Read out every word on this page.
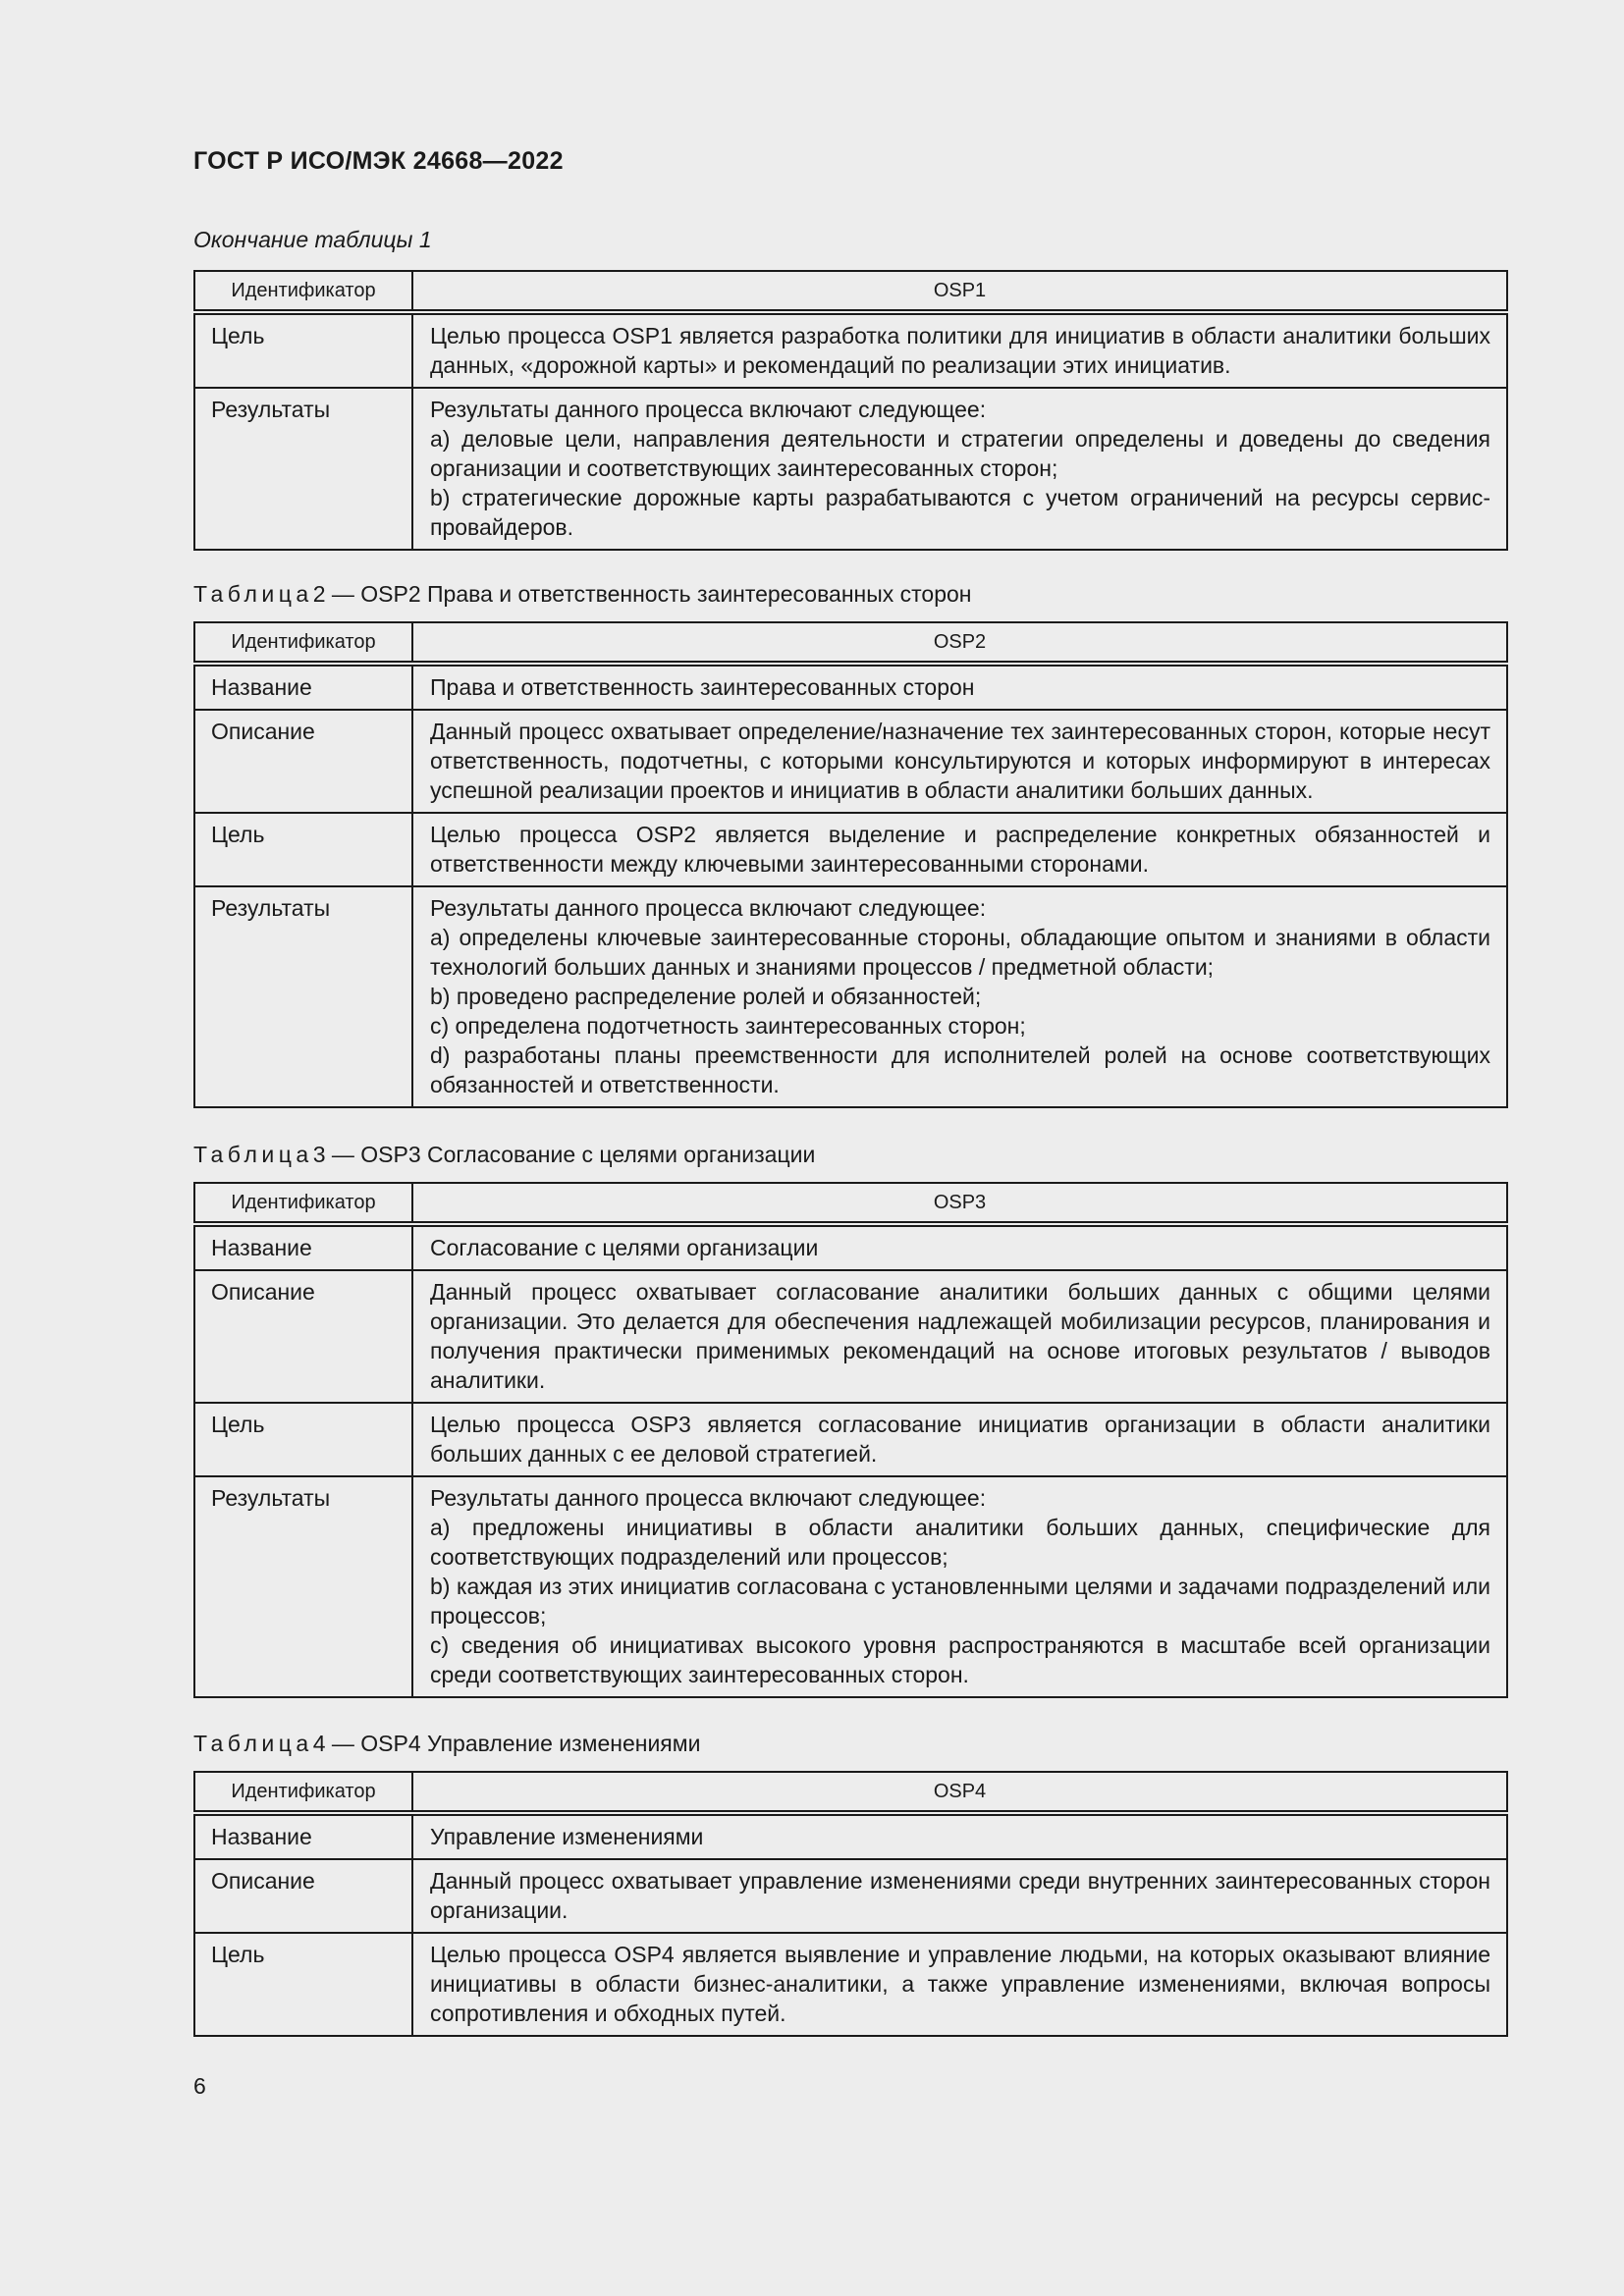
ГОСТ Р ИСО/МЭК 24668—2022
Окончание таблицы 1
Идентификатор	OSP1
Цель	Целью процесса OSP1 является разработка политики для инициатив в области аналитики больших данных, «дорожной карты» и рекомендаций по реализации этих инициатив.

Результаты	Результаты данного процесса включают следующее:
a) деловые цели, направления деятельности и стратегии определены и доведены до сведения организации и соответствующих заинтересованных сторон;
b) стратегические дорожные карты разрабатываются с учетом ограничений на ресурсы сервис-провайдеров.
Таблица2 — OSP2 Права и ответственность заинтересованных сторон
Идентификатор	OSP2
Название	Права и ответственность заинтересованных сторон

Описание	Данный процесс охватывает определение/назначение тех заинтересованных сторон, которые несут ответственность, подотчетны, с которыми консультируются и которых информируют в интересах успешной реализации проектов и инициатив в области аналитики больших данных.

Цель	Целью процесса OSP2 является выделение и распределение конкретных обязанностей и ответственности между ключевыми заинтересованными сторонами.

Результаты	Результаты данного процесса включают следующее:
a) определены ключевые заинтересованные стороны, обладающие опытом и знаниями в области технологий больших данных и знаниями процессов / предметной области;
b) проведено распределение ролей и обязанностей;
c) определена подотчетность заинтересованных сторон;
d) разработаны планы преемственности для исполнителей ролей на основе соответствующих обязанностей и ответственности.
Таблица3 — OSP3 Согласование с целями организации
Идентификатор	OSP3
Название	Согласование с целями организации

Описание	Данный процесс охватывает согласование аналитики больших данных с общими целями организации. Это делается для обеспечения надлежащей мобилизации ресурсов, планирования и получения практически применимых рекомендаций на основе итоговых результатов / выводов аналитики.

Цель	Целью процесса OSP3 является согласование инициатив организации в области аналитики больших данных с ее деловой стратегией.

Результаты	Результаты данного процесса включают следующее:
a) предложены инициативы в области аналитики больших данных, специфические для соответствующих подразделений или процессов;
b) каждая из этих инициатив согласована с установленными целями и задачами подразделений или процессов;
c) сведения об инициативах высокого уровня распространяются в масштабе всей организации среди соответствующих заинтересованных сторон.
Таблица4 — OSP4 Управление изменениями
Идентификатор	OSP4
Название	Управление изменениями

Описание	Данный процесс охватывает управление изменениями среди внутренних заинтересованных сторон организации.

Цель	Целью процесса OSP4 является выявление и управление людьми, на которых оказывают влияние инициативы в области бизнес-аналитики, а также управление изменениями, включая вопросы сопротивления и обходных путей.
6
